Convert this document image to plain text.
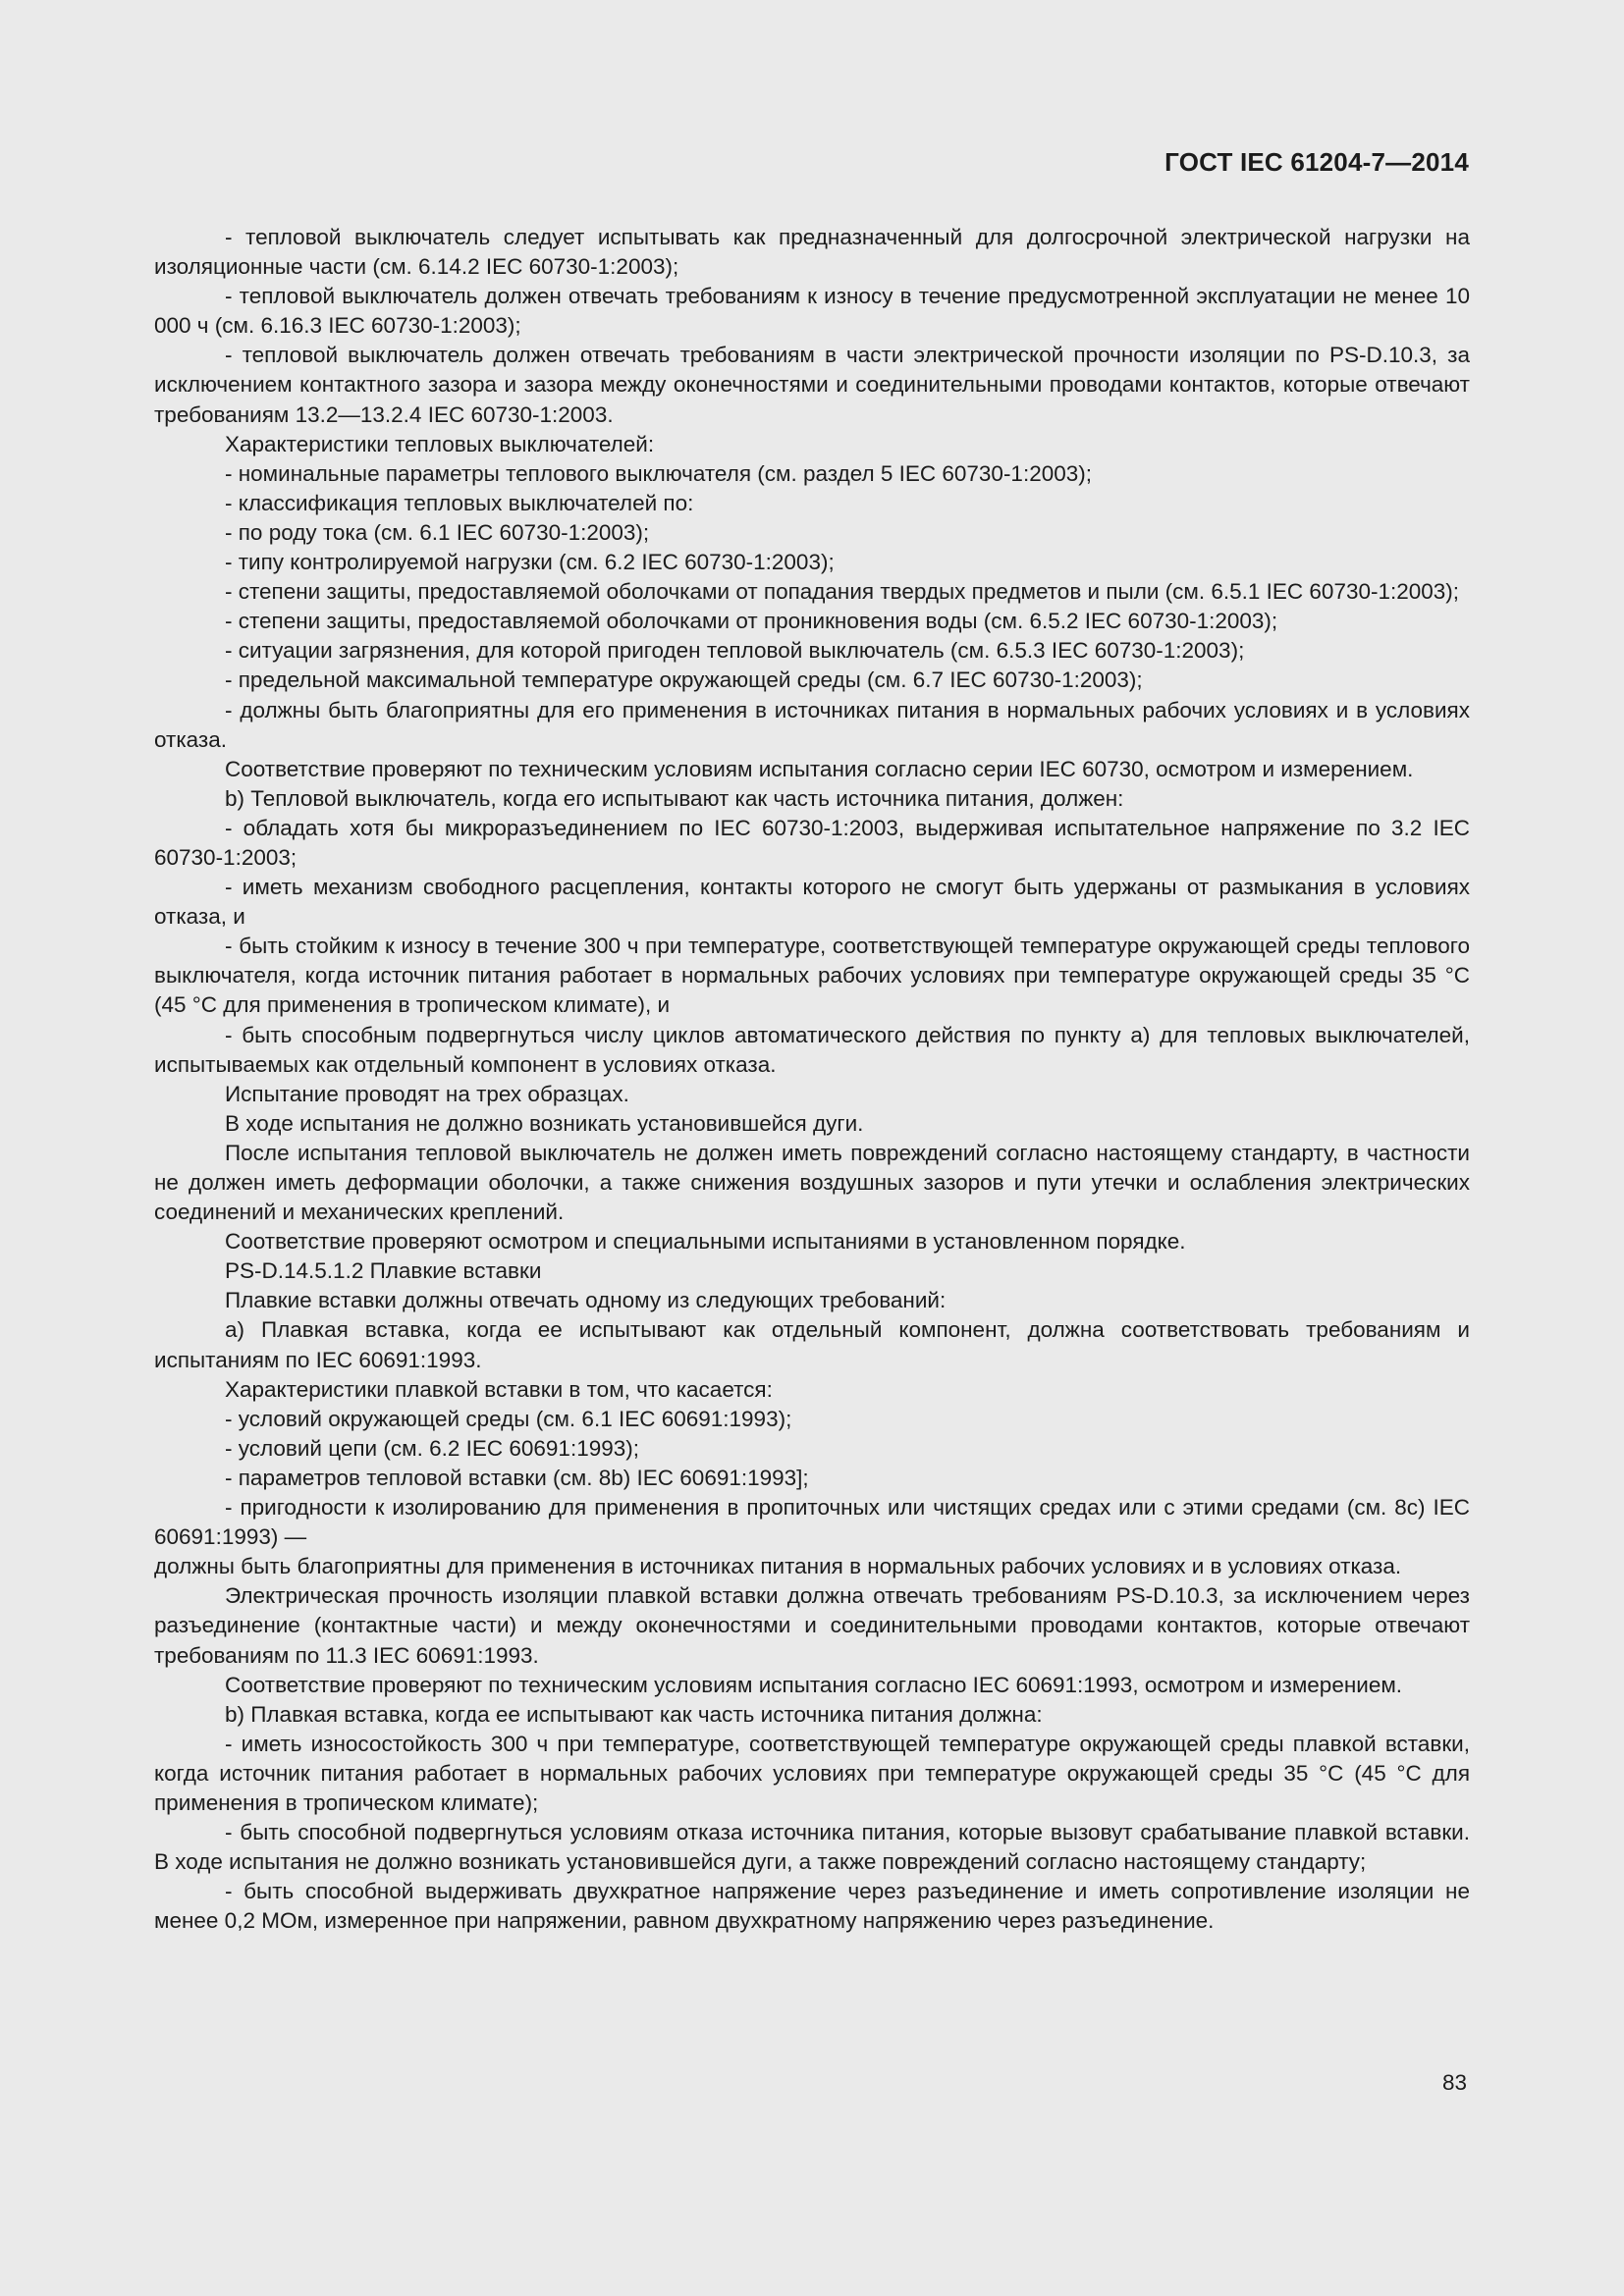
ГОСТ IEC 61204-7—2014

- тепловой выключатель следует испытывать как предназначенный для долгосрочной электрической нагрузки на изоляционные части (см. 6.14.2 IEC 60730-1:2003);

- тепловой выключатель должен отвечать требованиям к износу в течение предусмотренной эксплуатации не менее 10 000 ч (см. 6.16.3 IEC 60730-1:2003);

- тепловой выключатель должен отвечать требованиям в части электрической прочности изоляции по PS-D.10.3, за исключением контактного зазора и зазора между оконечностями и соединительными проводами контактов, которые отвечают требованиям 13.2—13.2.4 IEC 60730-1:2003.

Характеристики тепловых выключателей:

- номинальные параметры теплового выключателя (см. раздел 5 IEC 60730-1:2003);

- классификация тепловых выключателей по:

- по роду тока (см. 6.1 IEC 60730-1:2003);

- типу контролируемой нагрузки (см. 6.2 IEC 60730-1:2003);

- степени защиты, предоставляемой оболочками от попадания твердых предметов и пыли (см. 6.5.1 IEC 60730-1:2003);

- степени защиты, предоставляемой оболочками от проникновения воды (см. 6.5.2 IEC 60730-1:2003);

- ситуации загрязнения, для которой пригоден тепловой выключатель (см. 6.5.3 IEC 60730-1:2003);

- предельной максимальной температуре окружающей среды (см. 6.7 IEC 60730-1:2003);

- должны быть благоприятны для его применения в источниках питания в нормальных рабочих условиях и в условиях отказа.

Соответствие проверяют по техническим условиям испытания согласно серии IEC 60730, осмотром и измерением.

b) Тепловой выключатель, когда его испытывают как часть источника питания, должен:

- обладать хотя бы микроразъединением по IEC 60730-1:2003, выдерживая испытательное напряжение по 3.2 IEC 60730-1:2003;

- иметь механизм свободного расцепления, контакты которого не смогут быть удержаны от размыкания в условиях отказа, и

- быть стойким к износу в течение 300 ч при температуре, соответствующей температуре окружающей среды теплового выключателя, когда источник питания работает в нормальных рабочих условиях при температуре окружающей среды 35 °С (45 °С для применения в тропическом климате), и

- быть способным подвергнуться числу циклов автоматического действия по пункту а) для тепловых выключателей, испытываемых как отдельный компонент в условиях отказа.

Испытание проводят на трех образцах.

В ходе испытания не должно возникать установившейся дуги.

После испытания тепловой выключатель не должен иметь повреждений согласно настоящему стандарту, в частности не должен иметь деформации оболочки, а также снижения воздушных зазоров и пути утечки и ослабления электрических соединений и механических креплений.

Соответствие проверяют осмотром и специальными испытаниями в установленном порядке.

PS-D.14.5.1.2 Плавкие вставки

Плавкие вставки должны отвечать одному из следующих требований:

а) Плавкая вставка, когда ее испытывают как отдельный компонент, должна соответствовать требованиям и испытаниям по IEC 60691:1993.

Характеристики плавкой вставки в том, что касается:

- условий окружающей среды (см. 6.1 IEC 60691:1993);

- условий цепи (см. 6.2 IEC 60691:1993);

- параметров тепловой вставки (см. 8b) IEC 60691:1993];

- пригодности к изолированию для применения в пропиточных или чистящих средах или с этими средами (см. 8c) IEC 60691:1993) —

должны быть благоприятны для применения в источниках питания в нормальных рабочих условиях и в условиях отказа.

Электрическая прочность изоляции плавкой вставки должна отвечать требованиям PS-D.10.3, за исключением через разъединение (контактные части) и между оконечностями и соединительными проводами контактов, которые отвечают требованиям по 11.3 IEC 60691:1993.

Соответствие проверяют по техническим условиям испытания согласно IEC 60691:1993, осмотром и измерением.

b) Плавкая вставка, когда ее испытывают как часть источника питания должна:

- иметь износостойкость 300 ч при температуре, соответствующей температуре окружающей среды плавкой вставки, когда источник питания работает в нормальных рабочих условиях при температуре окружающей среды 35 °С (45 °С для применения в тропическом климате);

- быть способной подвергнуться условиям отказа источника питания, которые вызовут срабатывание плавкой вставки. В ходе испытания не должно возникать установившейся дуги, а также повреждений согласно настоящему стандарту;

- быть способной выдерживать двухкратное напряжение через разъединение и иметь сопротивление изоляции не менее 0,2 МОм, измеренное при напряжении, равном двухкратному напряжению через разъединение.

83
